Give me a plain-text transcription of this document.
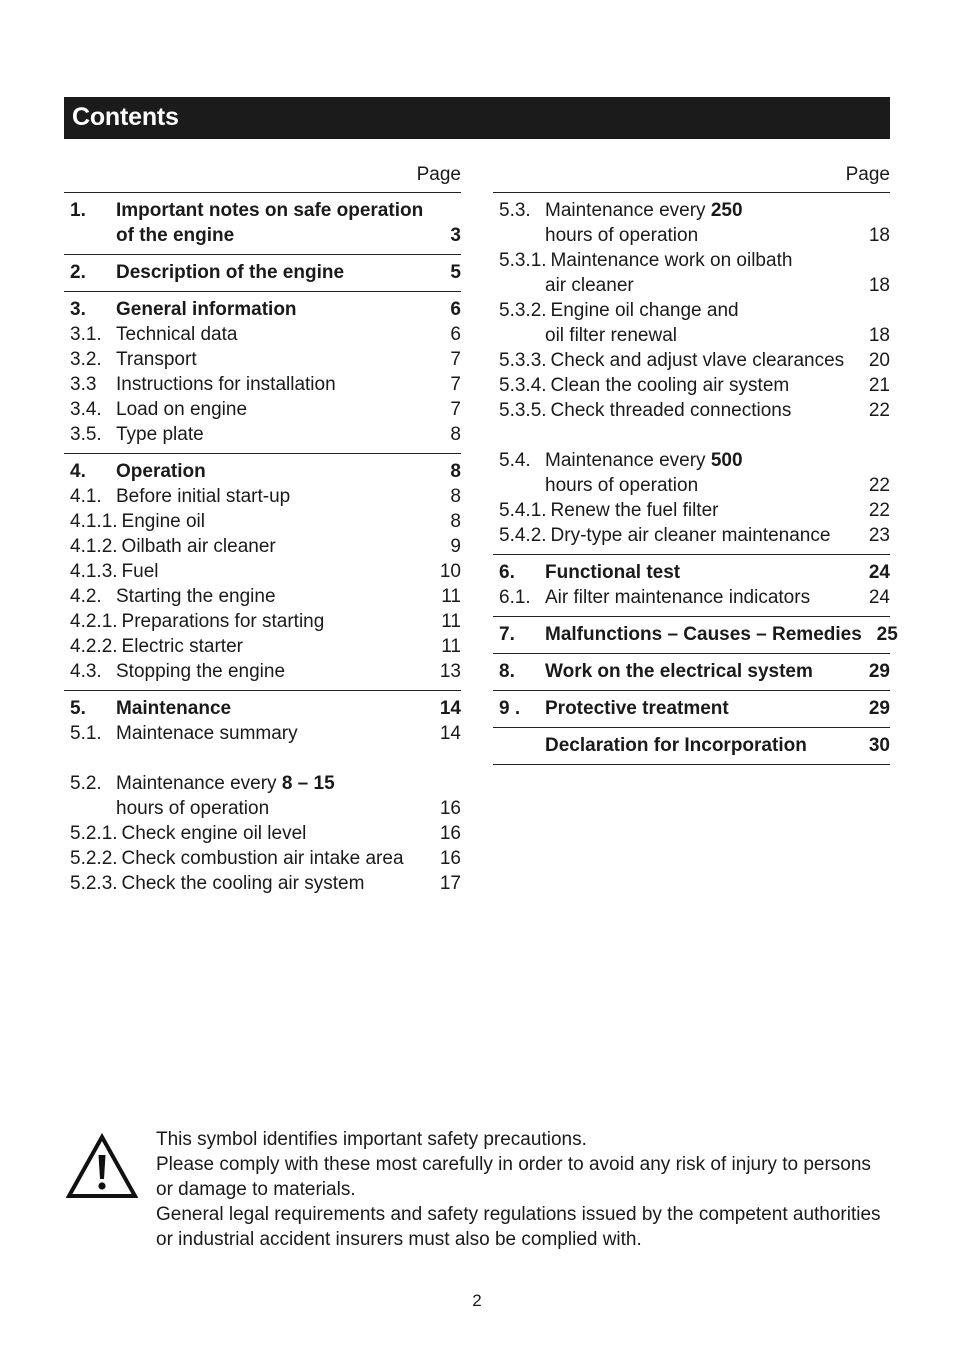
Contents
Page
1.	Important notes on safe operation
of the engine	3
2.	Description of the engine	5
3.	General information	6
3.1. Technical data	6
3.2. Transport	7
3.3	Instructions for installation	7
3.4. Load on engine	7
3.5. Type plate	8
4.	Operation	8
4.1. Before initial start-up	8
4.1.1. Engine oil	8
4.1.2. Oilbath air cleaner	9
4.1.3. Fuel	10
4.2. Starting the engine	11
4.2.1. Preparations for starting	11
4.2.2. Electric starter	11
4.3. Stopping the engine	13
5.	Maintenance	14
5.1. Maintenace summary	14
5.2. Maintenance every 8 – 15
hours of operation	16
5.2.1. Check engine oil level	16
5.2.2. Check combustion air intake area	16
5.2.3. Check the cooling air system	17
Page
5.3. Maintenance every 250
hours of operation	18
5.3.1. Maintenance work on oilbath
air cleaner	18
5.3.2. Engine oil change and
oil filter renewal	18
5.3.3. Check and adjust vlave clearances	20
5.3.4. Clean the cooling air system	21
5.3.5. Check threaded connections	22
5.4. Maintenance every 500
hours of operation	22
5.4.1. Renew the fuel filter	22
5.4.2. Dry-type air cleaner maintenance	23
6.	Functional test	24
6.1. Air filter maintenance indicators	24
7.	Malfunctions – Causes – Remedies 25
8.	Work on the electrical system	29
9 .	Protective treatment	29
Declaration for Incorporation	30

This symbol identifies important safety precautions.

Please comply with these most carefully in order to avoid any risk of injury to persons or damage to materials.

General legal requirements and safety regulations issued by the competent authorities or industrial accident insurers must also be complied with.

2
